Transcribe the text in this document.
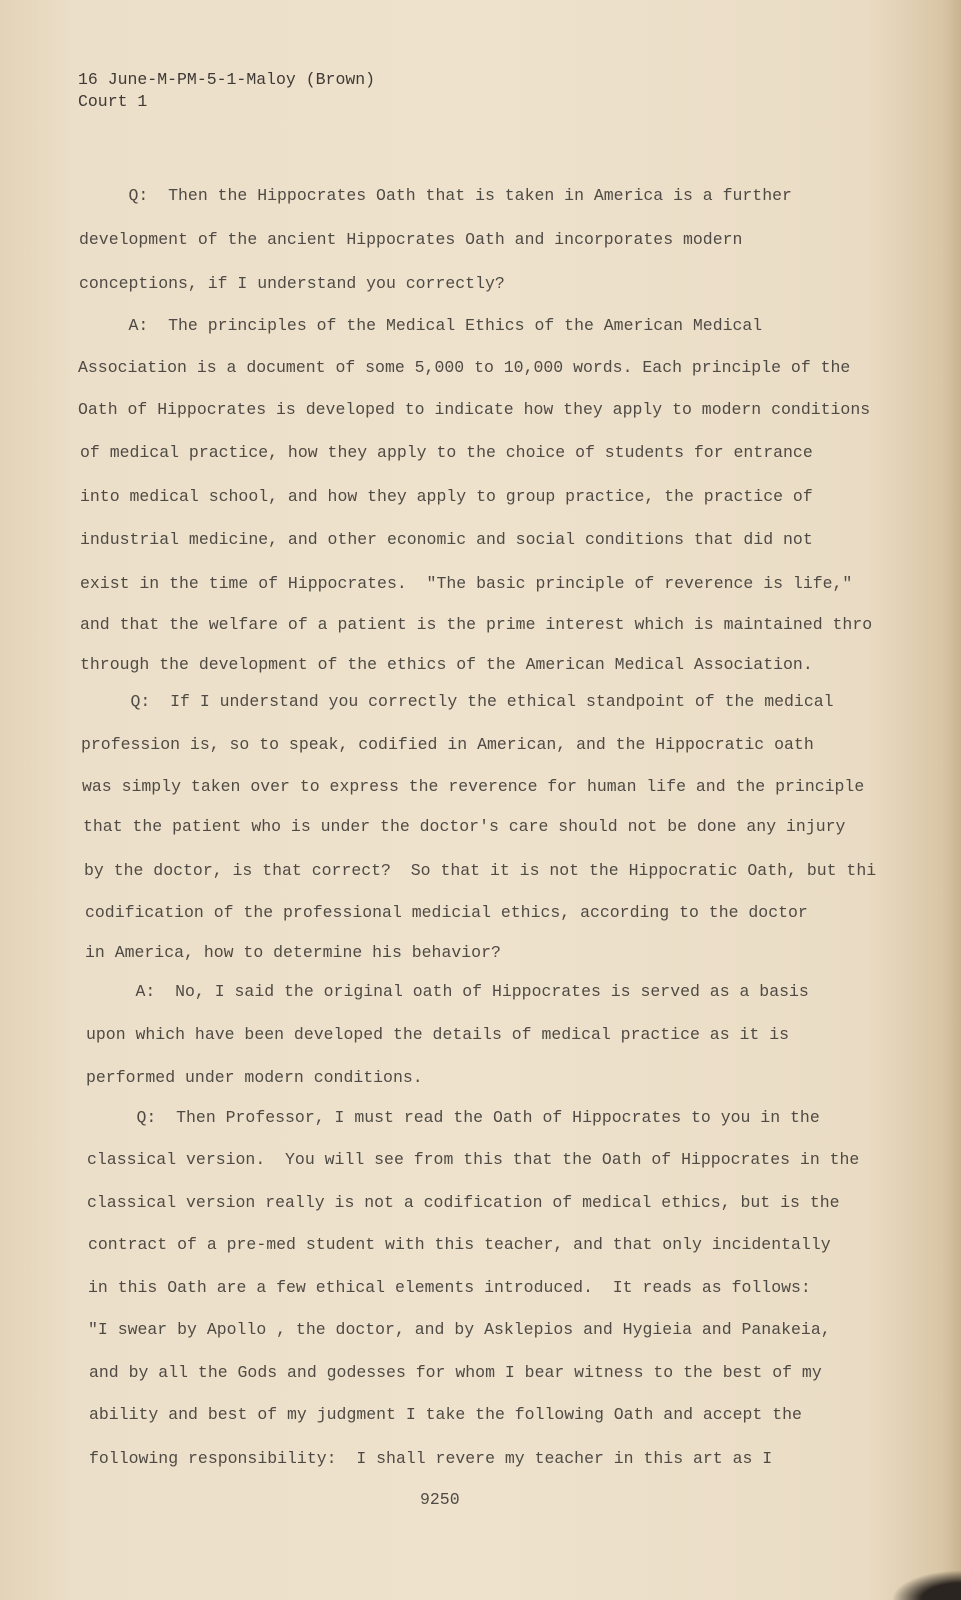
16 June-M-PM-5-1-Maloy (Brown)
Court 1
Q:  Then the Hippocrates Oath that is taken in America is a further
development of the ancient Hippocrates Oath and incorporates modern
conceptions, if I understand you correctly?
A:  The principles of the Medical Ethics of the American Medical
Association is a document of some 5,000 to 10,000 words. Each principle of the
Oath of Hippocrates is developed to indicate how they apply to modern conditions
of medical practice, how they apply to the choice of students for entrance
into medical school, and how they apply to group practice, the practice of
industrial medicine, and other economic and social conditions that did not
exist in the time of Hippocrates.  "The basic principle of reverence is life,"
and that the welfare of a patient is the prime interest which is maintained thro
through the development of the ethics of the American Medical Association.
Q:  If I understand you correctly the ethical standpoint of the medical
profession is, so to speak, codified in American, and the Hippocratic oath
was simply taken over to express the reverence for human life and the principle
that the patient who is under the doctor's care should not be done any injury
by the doctor, is that correct?  So that it is not the Hippocratic Oath, but thi
codification of the professional medicial ethics, according to the doctor
in America, how to determine his behavior?
A:  No, I said the original oath of Hippocrates is served as a basis
upon which have been developed the details of medical practice as it is
performed under modern conditions.
Q:  Then Professor, I must read the Oath of Hippocrates to you in the
classical version.  You will see from this that the Oath of Hippocrates in the
classical version really is not a codification of medical ethics, but is the
contract of a pre-med student with this teacher, and that only incidentally
in this Oath are a few ethical elements introduced.  It reads as follows:
"I swear by Apollo , the doctor, and by Asklepios and Hygieia and Panakeia,
and by all the Gods and godesses for whom I bear witness to the best of my
ability and best of my judgment I take the following Oath and accept the
following responsibility:  I shall revere my teacher in this art as I
9250
